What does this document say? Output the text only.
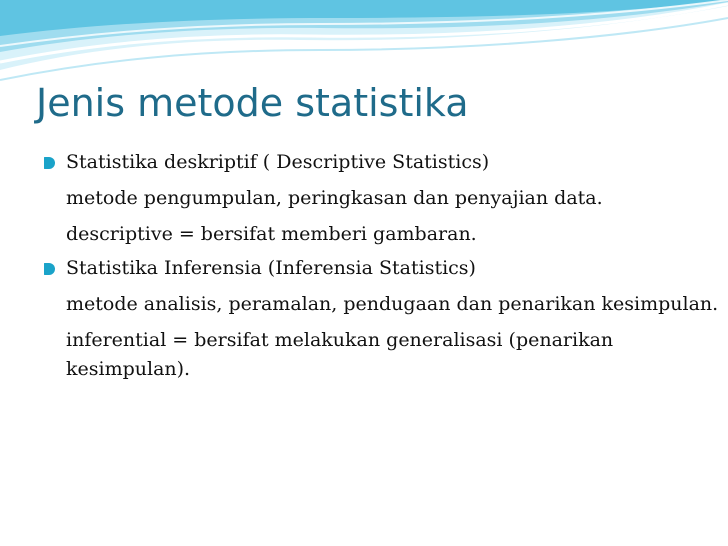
Jenis metode statistika
Statistika deskriptif ( Descriptive Statistics)
metode pengumpulan, peringkasan dan penyajian data.
descriptive = bersifat memberi gambaran.
Statistika Inferensia (Inferensia Statistics)
metode analisis, peramalan, pendugaan dan penarikan kesimpulan.
inferential = bersifat melakukan generalisasi (penarikan kesimpulan).
